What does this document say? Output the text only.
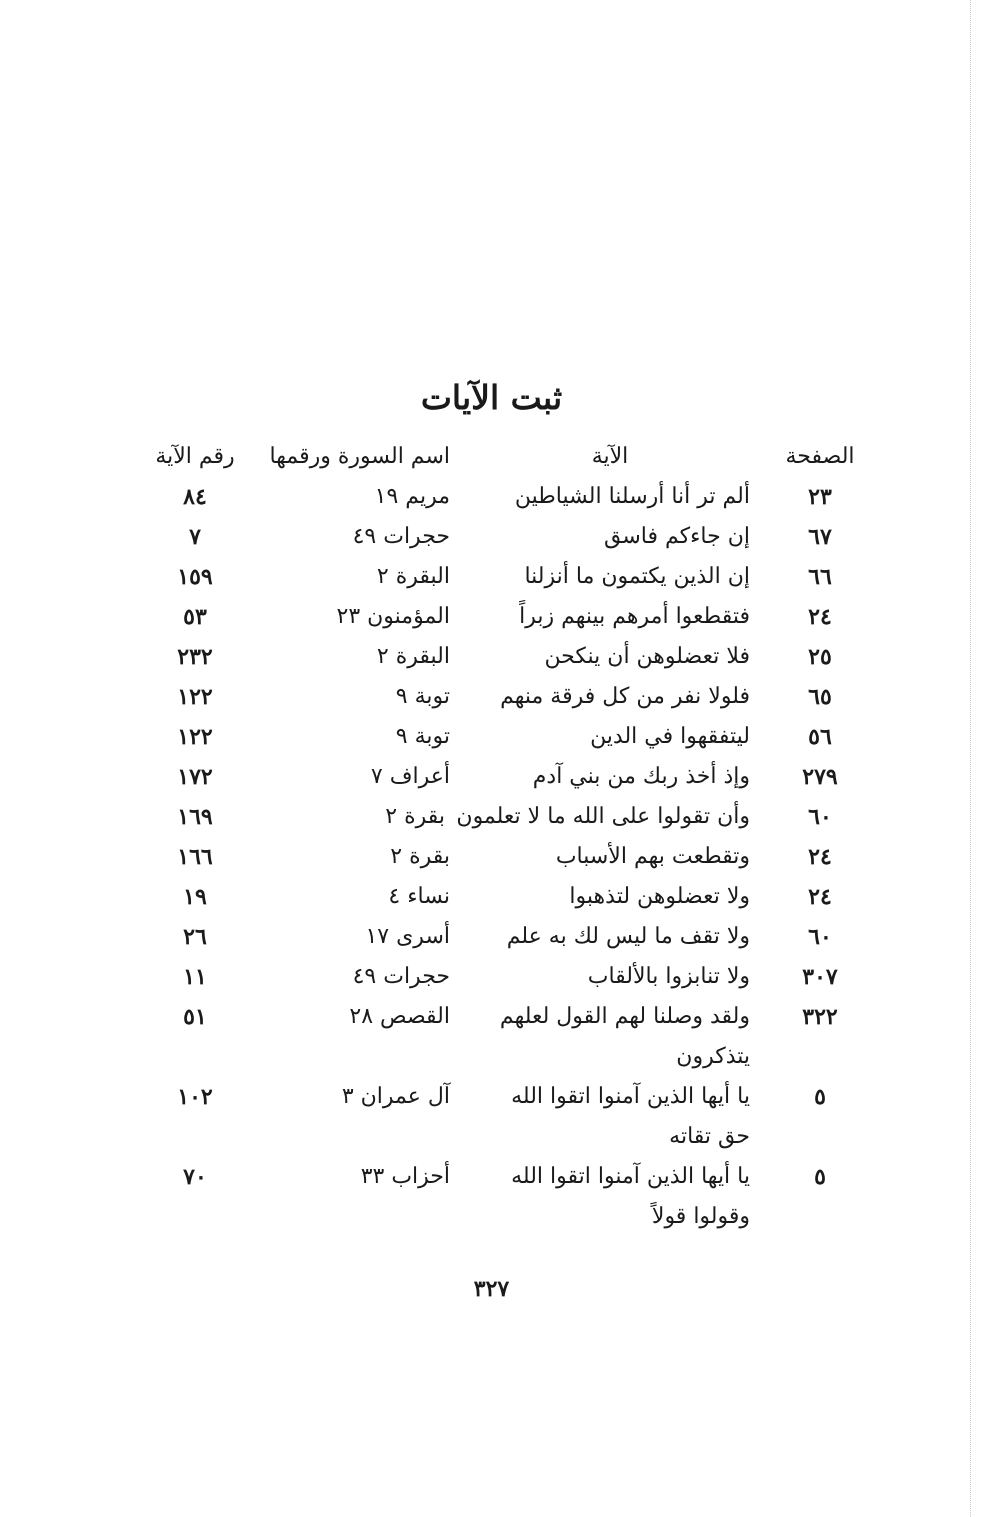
ثبت الآيات
الصفحة
الآية
اسم السورة ورقمها
رقم الآية
٢٣
ألم تر أنا أرسلنا الشياطين
مريم ١٩
٨٤
٦٧
إن جاءكم فاسق
حجرات ٤٩
٧
٦٦
إن الذين يكتمون ما أنزلنا
البقرة ٢
١٥٩
٢٤
فتقطعوا أمرهم بينهم زبراً
المؤمنون ٢٣
٥٣
٢٥
فلا تعضلوهن أن ينكحن
البقرة ٢
٢٣٢
٦٥
فلولا نفر من كل فرقة منهم
توبة ٩
١٢٢
٥٦
ليتفقهوا في الدين
توبة ٩
١٢٢
٢٧٩
وإذ أخذ ربك من بني آدم
أعراف ٧
١٧٢
٦٠
وأن تقولوا على الله ما لا تعلمون
بقرة ٢
١٦٩
٢٤
وتقطعت بهم الأسباب
بقرة ٢
١٦٦
٢٤
ولا تعضلوهن لتذهبوا
نساء ٤
١٩
٦٠
ولا تقف ما ليس لك به علم
أسرى ١٧
٢٦
٣٠٧
ولا تنابزوا بالألقاب
حجرات ٤٩
١١
٣٢٢
ولقد وصلنا لهم القول لعلهم يتذكرون
القصص ٢٨
٥١
٥
يا أيها الذين آمنوا اتقوا الله حق تقاته
آل عمران ٣
١٠٢
٥
يا أيها الذين آمنوا اتقوا الله وقولوا قولاً
أحزاب ٣٣
٧٠
٣٢٧
